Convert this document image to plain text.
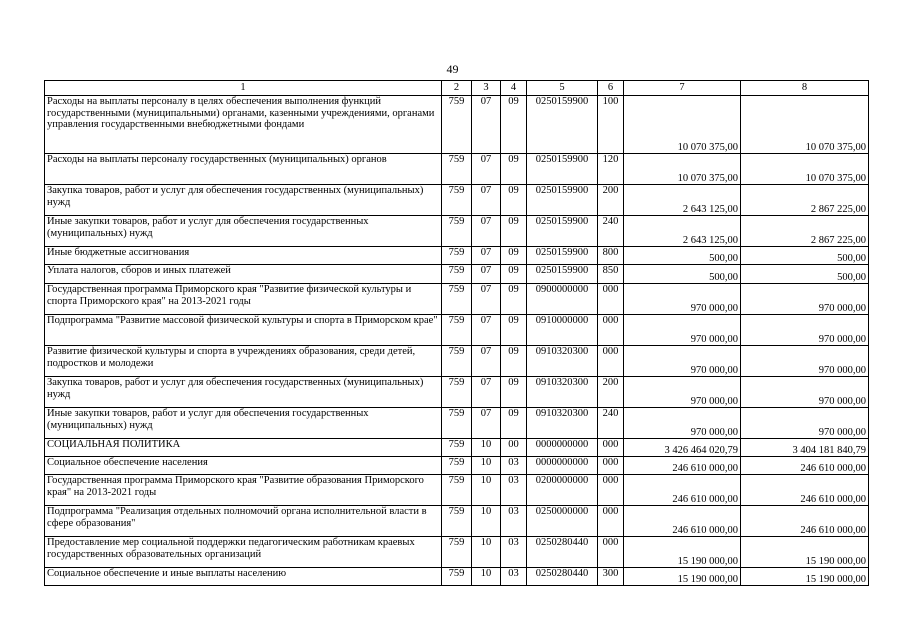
49
1	2	3	4	5	6	7	8
Расходы на выплаты персоналу в целях обеспечения выполнения функций государственными (муниципальными) органами, казенными учреждениями, органами управления государственными внебюджетными фондами	759	07	09	0250159900	100	10 070 375,00	10 070 375,00
Расходы на выплаты персоналу государственных (муниципальных) органов	759	07	09	0250159900	120	10 070 375,00	10 070 375,00
Закупка товаров, работ и услуг для обеспечения государственных (муниципальных) нужд	759	07	09	0250159900	200	2 643 125,00	2 867 225,00
Иные закупки товаров, работ и услуг для обеспечения государственных (муниципальных) нужд	759	07	09	0250159900	240	2 643 125,00	2 867 225,00
Иные бюджетные ассигнования	759	07	09	0250159900	800	500,00	500,00
Уплата налогов, сборов и иных платежей	759	07	09	0250159900	850	500,00	500,00
Государственная программа Приморского края "Развитие физической культуры и спорта Приморского края" на 2013-2021 годы	759	07	09	0900000000	000	970 000,00	970 000,00
Подпрограмма "Развитие массовой физической культуры и спорта в Приморском крае"	759	07	09	0910000000	000	970 000,00	970 000,00
Развитие физической культуры и спорта в учреждениях образования, среди детей, подростков и молодежи	759	07	09	0910320300	000	970 000,00	970 000,00
Закупка товаров, работ и услуг для обеспечения государственных (муниципальных) нужд	759	07	09	0910320300	200	970 000,00	970 000,00
Иные закупки товаров, работ и услуг для обеспечения государственных (муниципальных) нужд	759	07	09	0910320300	240	970 000,00	970 000,00
СОЦИАЛЬНАЯ ПОЛИТИКА	759	10	00	0000000000	000	3 426 464 020,79	3 404 181 840,79
Социальное обеспечение населения	759	10	03	0000000000	000	246 610 000,00	246 610 000,00
Государственная программа Приморского края "Развитие образования Приморского края" на 2013-2021 годы	759	10	03	0200000000	000	246 610 000,00	246 610 000,00
Подпрограмма "Реализация отдельных полномочий органа исполнительной власти в сфере образования"	759	10	03	0250000000	000	246 610 000,00	246 610 000,00
Предоставление мер социальной поддержки педагогическим работникам краевых государственных образовательных организаций	759	10	03	0250280440	000	15 190 000,00	15 190 000,00
Социальное обеспечение и иные выплаты населению	759	10	03	0250280440	300	15 190 000,00	15 190 000,00
